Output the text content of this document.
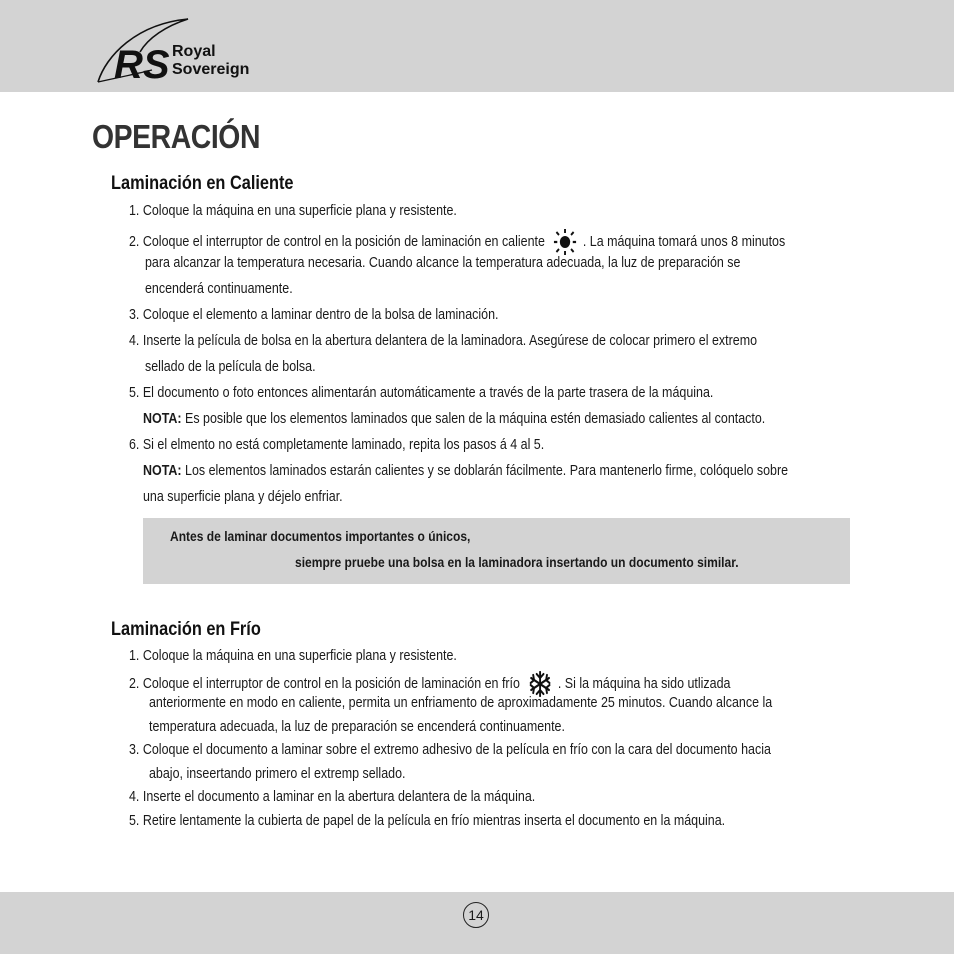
RS Royal
Sovereign
OPERACIÓN
Laminación en Caliente
1. Coloque la máquina en una superficie plana y resistente.
2. Coloque el interruptor de control en la posición de laminación en caliente	. La máquina tomará unos 8 minutos
para alcanzar la temperatura necesaria. Cuando alcance la temperatura adecuada, la luz de preparación se
encenderá continuamente.
3. Coloque el elemento a laminar dentro de la bolsa de laminación.
4. Inserte la película de bolsa en la abertura delantera de la laminadora. Asegúrese de colocar primero el extremo
sellado de la película de bolsa.
5. El documento o foto entonces alimentarán automáticamente a través de la parte trasera de la máquina.
NOTA: Es posible que los elementos laminados que salen de la máquina estén demasiado calientes al contacto.
6. Si el elmento no está completamente laminado, repita los pasos á 4 al 5.
NOTA: Los elementos laminados estarán calientes y se doblarán fácilmente. Para mantenerlo firme, colóquelo sobre
una superficie plana y déjelo enfriar.
Antes de laminar documentos importantes o únicos,
siempre pruebe una bolsa en la laminadora insertando un documento similar.
Laminación en Frío
1. Coloque la máquina en una superficie plana y resistente.
2. Coloque el interruptor de control en la posición de laminación en frío	. Si la máquina ha sido utlizada
anteriormente en modo en caliente, permita un enfriamento de aproximadamente 25 minutos. Cuando alcance la
temperatura adecuada, la luz de preparación se encenderá continuamente.
3. Coloque el documento a laminar sobre el extremo adhesivo de la película en frío con la cara del documento hacia
abajo, inseertando primero el extremp sellado.
4. Inserte el documento a laminar en la abertura delantera de la máquina.
5. Retire lentamente la cubierta de papel de la película en frío mientras inserta el documento en la máquina.
14
